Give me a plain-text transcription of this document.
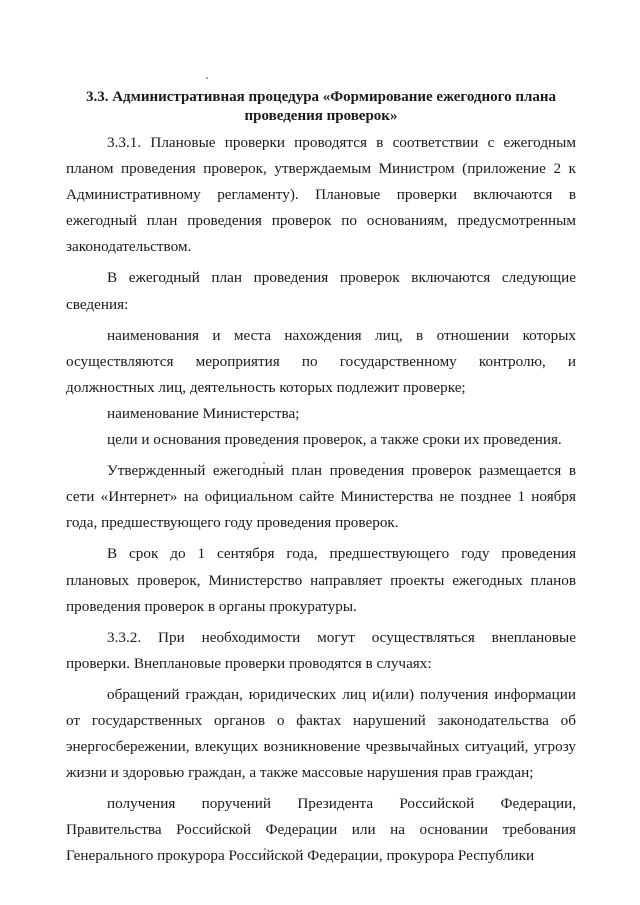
3.3. Административная процедура «Формирование ежегодного плана
проведения проверок»

3.3.1. Плановые проверки проводятся в соответствии с ежегодным планом проведения проверок, утверждаемым Министром (приложение 2 к Административному регламенту). Плановые проверки включаются в ежегодный план проведения проверок по основаниям, предусмотренным законодательством.

В ежегодный план проведения проверок включаются следующие сведения:

наименования и места нахождения лиц, в отношении которых осуществляются мероприятия по государственному контролю, и должностных лиц, деятельность которых подлежит проверке;

наименование Министерства;

цели и основания проведения проверок, а также сроки их проведения.

Утвержденный ежегодный план проведения проверок размещается в сети «Интернет» на официальном сайте Министерства не позднее 1 ноября года, предшествующего году проведения проверок.

В срок до 1 сентября года, предшествующего году проведения плановых проверок, Министерство направляет проекты ежегодных планов проведения проверок в органы прокуратуры.

3.3.2. При необходимости могут осуществляться внеплановые проверки. Внеплановые проверки проводятся в случаях:

обращений граждан, юридических лиц и(или) получения информации от государственных органов о фактах нарушений законодательства об энергосбережении, влекущих возникновение чрезвычайных ситуаций, угрозу жизни и здоровью граждан, а также массовые нарушения прав граждан;

получения поручений Президента Российской Федерации, Правительства Российской Федерации или на основании требования Генерального прокурора Российской Федерации, прокурора Республики
